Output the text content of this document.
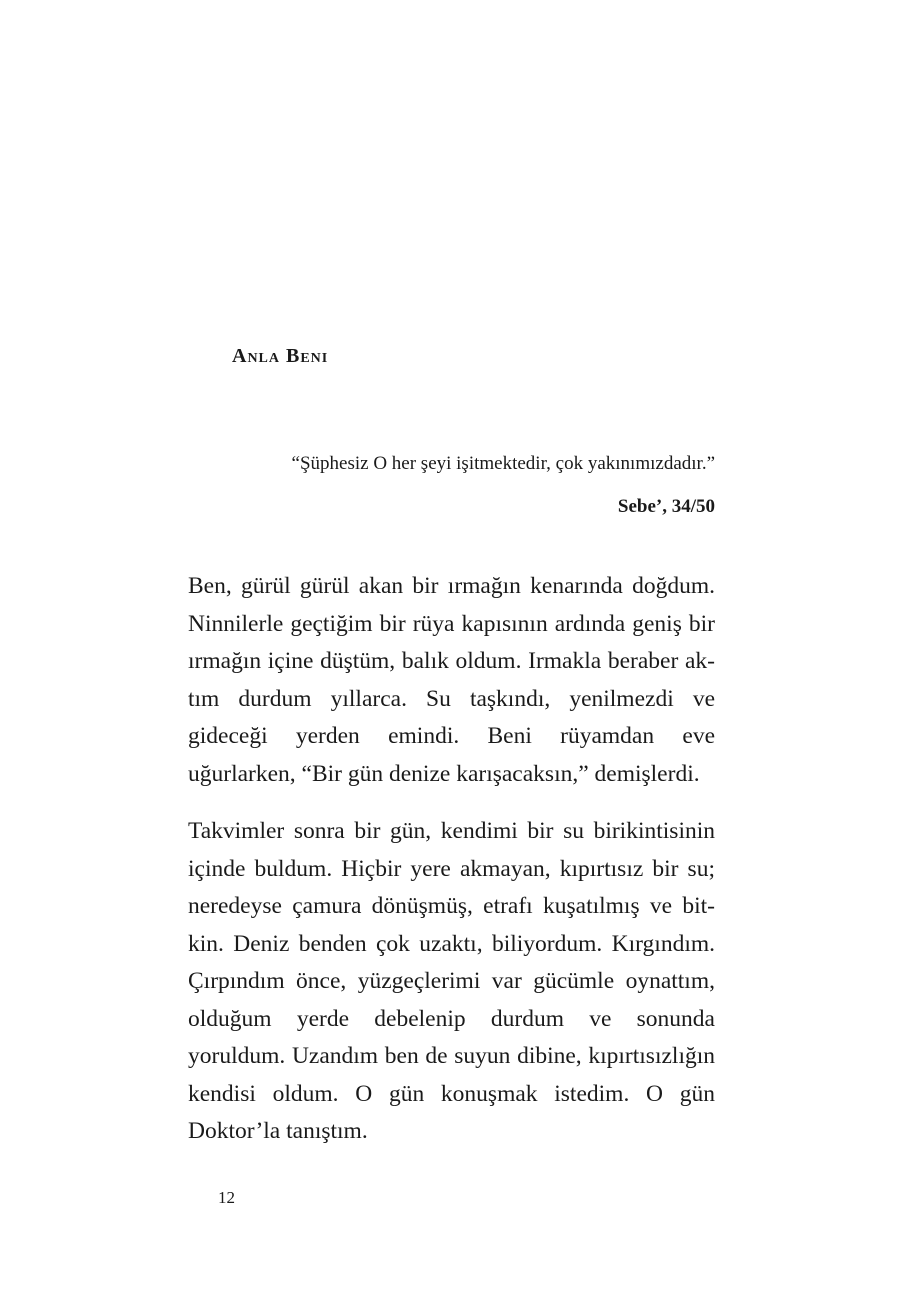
Anla Beni

“Şüphesiz O her şeyi işitmektedir, çok yakınımızdadır.”

Sebe’, 34/50

Ben, gürül gürül akan bir ırmağın kenarında doğdum. Ninnilerle geçtiğim bir rüya kapısının ardında geniş bir ırmağın içine düştüm, balık oldum. Irmakla beraber aktım durdum yıllarca. Su taşkındı, yenilmezdi ve gideceği yerden emindi. Beni rüyamdan eve uğurlarken, “Bir gün denize karışacaksın,” demişlerdi.

Takvimler sonra bir gün, kendimi bir su birikintisinin içinde buldum. Hiçbir yere akmayan, kıpırtısız bir su; neredeyse çamura dönüşmüş, etrafı kuşatılmış ve bitkin. Deniz benden çok uzaktı, biliyordum. Kırgındım. Çırpındım önce, yüzgeçlerimi var gücümle oynattım, olduğum yerde debelenip durdum ve sonunda yoruldum. Uzandım ben de suyun dibine, kıpırtısızlığın kendisi oldum. O gün konuşmak istedim. O gün Doktor’la tanıştım.

12
